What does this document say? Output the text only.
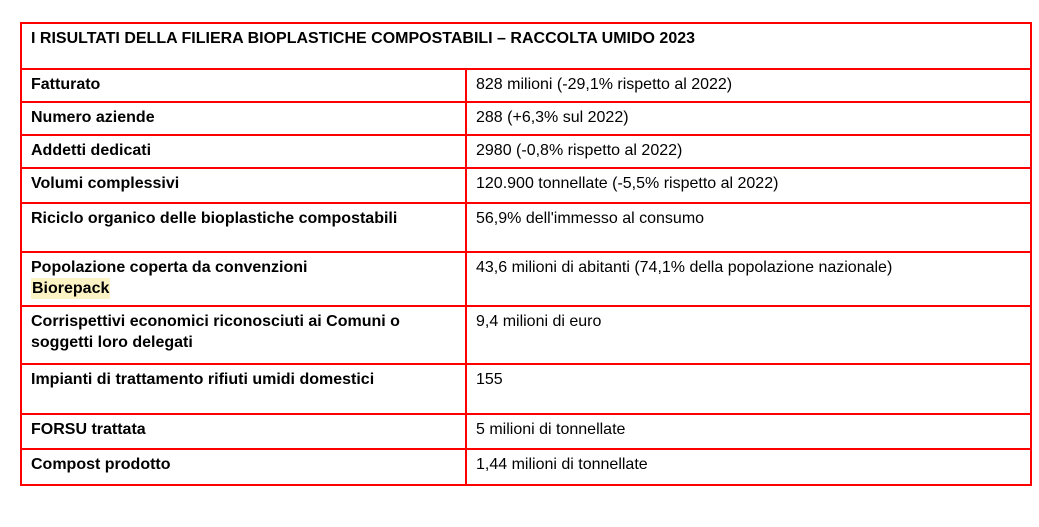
I RISULTATI DELLA FILIERA BIOPLASTICHE COMPOSTABILI – RACCOLTA UMIDO 2023	
Fatturato	828 milioni (-29,1% rispetto al 2022)
Numero aziende	288 (+6,3% sul 2022)
Addetti dedicati	2980 (-0,8% rispetto al 2022)
Volumi complessivi	120.900 tonnellate (-5,5% rispetto al 2022)
Riciclo organico delle bioplastiche compostabili	56,9% dell'immesso al consumo
Popolazione coperta da convenzioni
Biorepack	43,6 milioni di abitanti (74,1% della popolazione nazionale)
Corrispettivi economici riconosciuti ai Comuni o soggetti loro delegati	9,4 milioni di euro
Impianti di trattamento rifiuti umidi domestici	155
FORSU trattata	5 milioni di tonnellate
Compost prodotto	1,44 milioni di tonnellate
